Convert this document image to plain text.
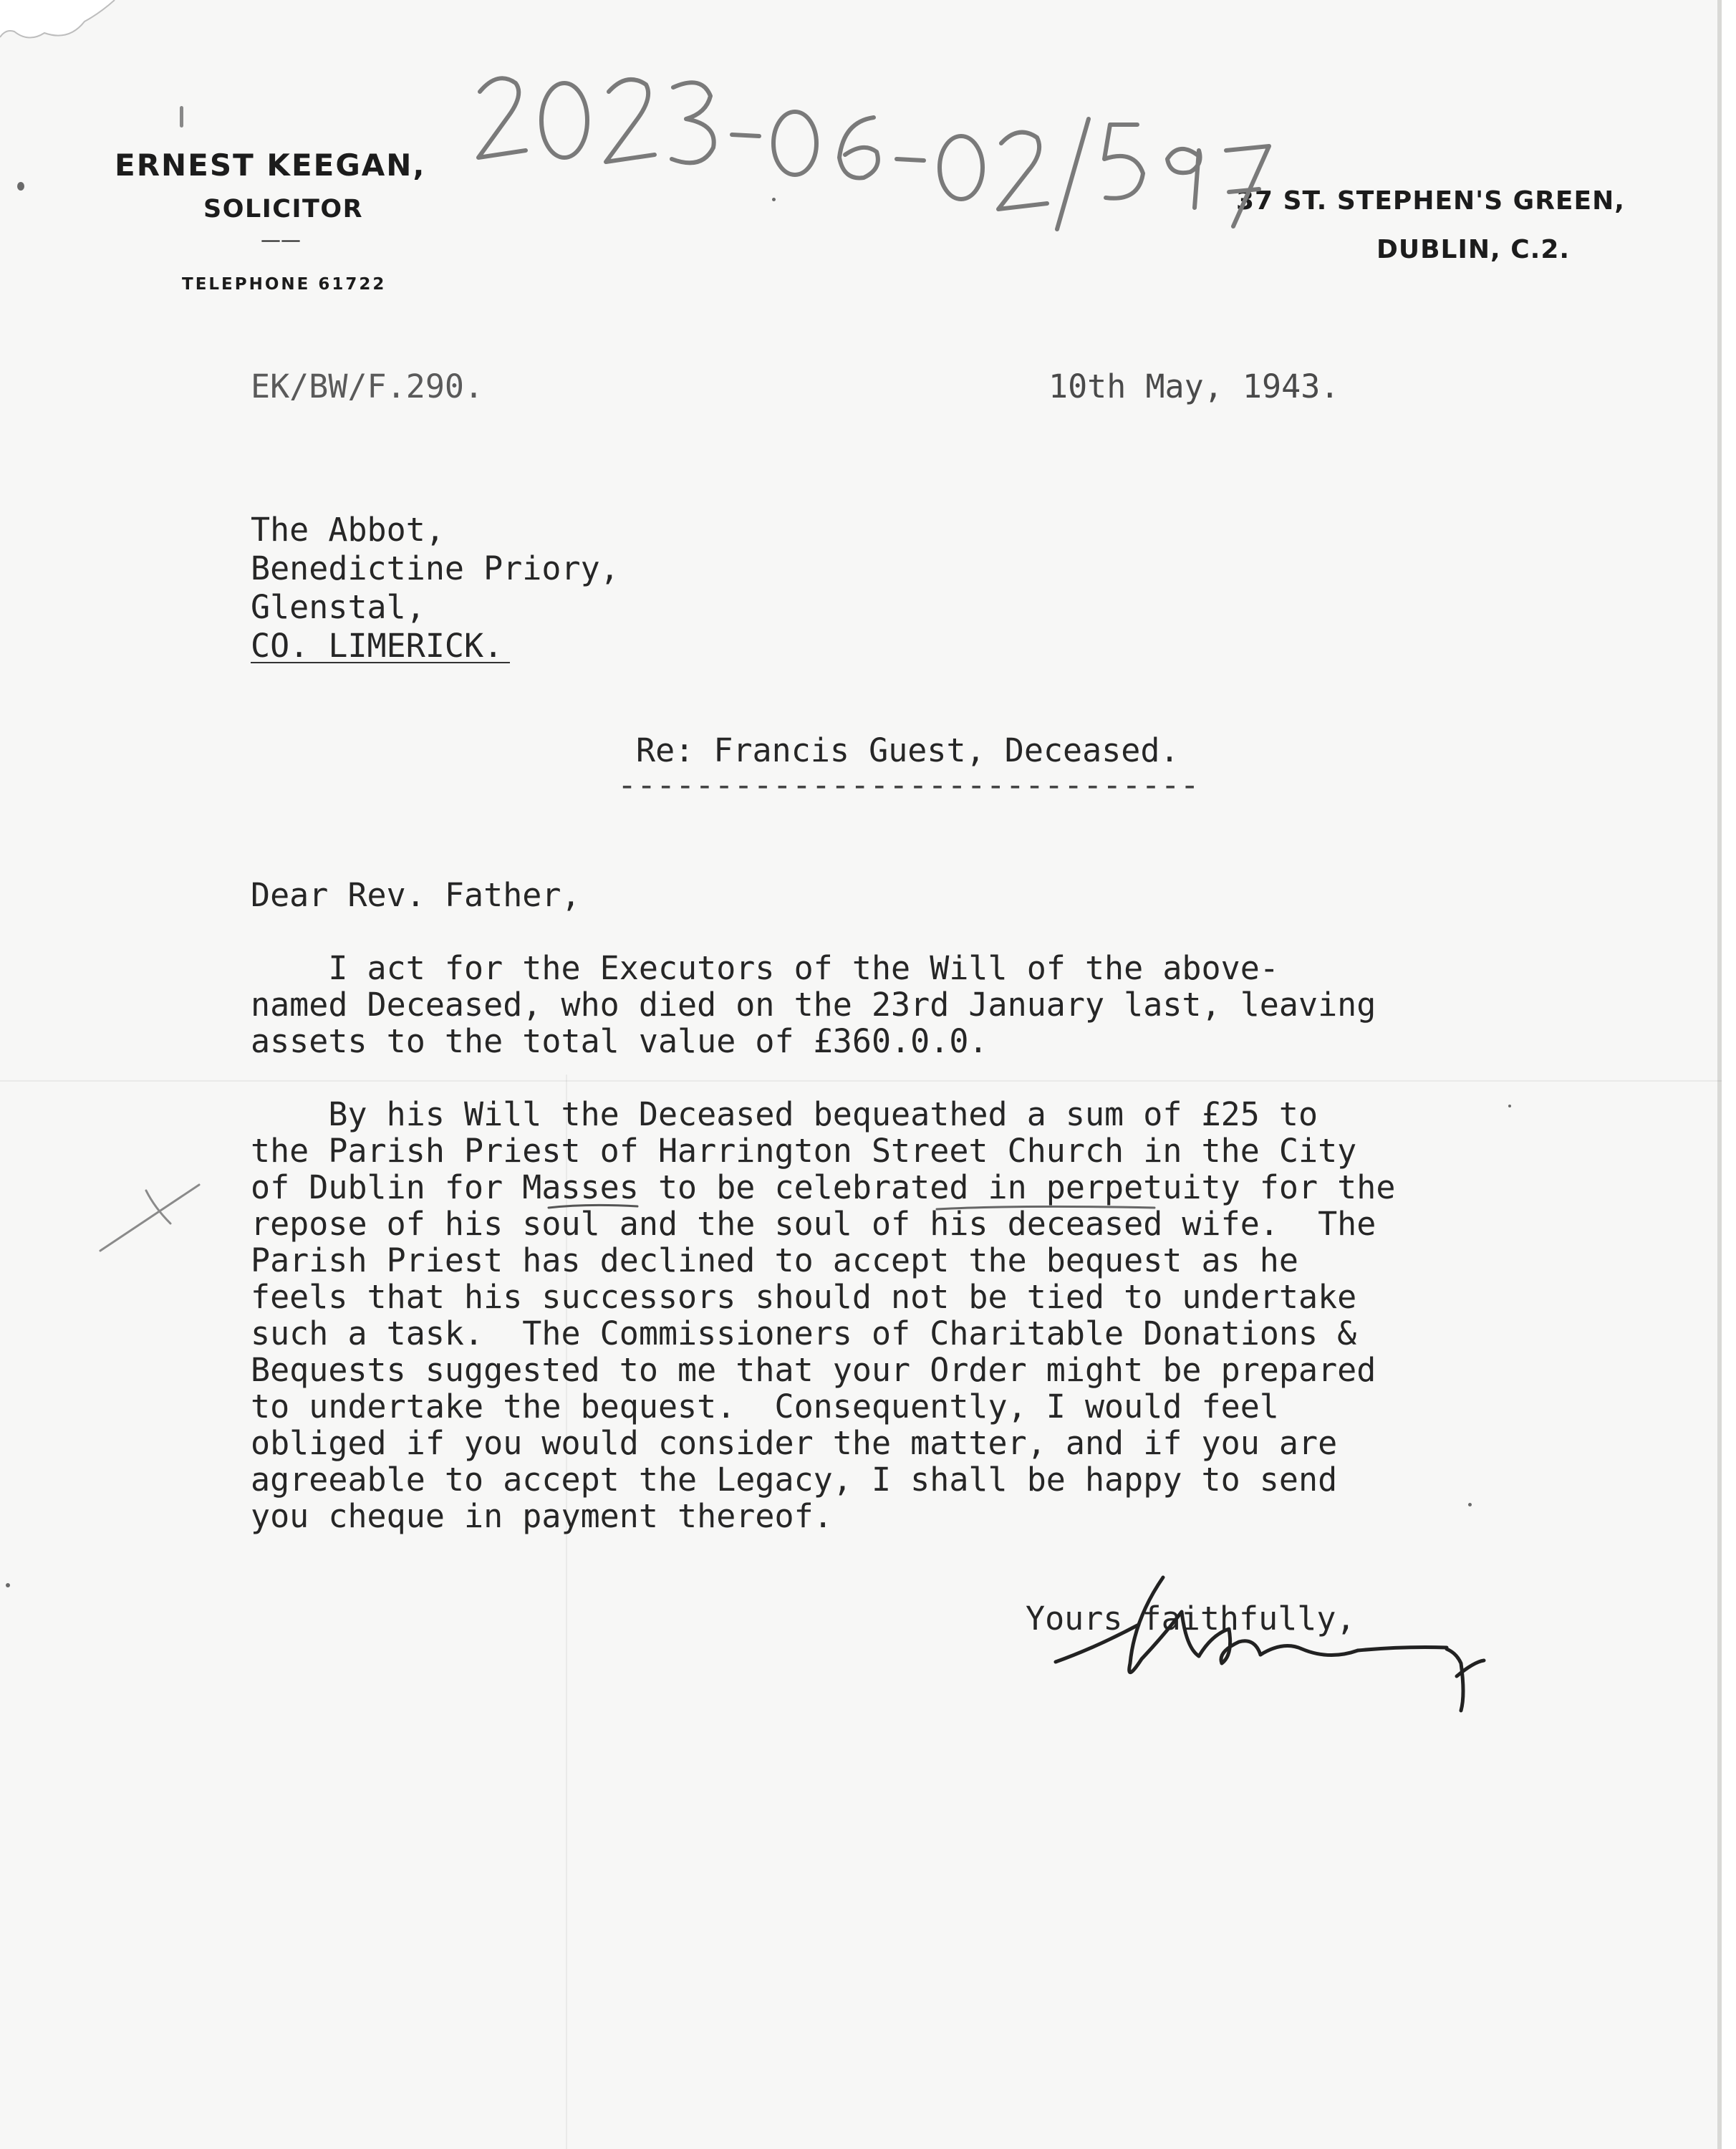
ERNEST KEEGAN,
SOLICITOR
——
TELEPHONE 61722
37 ST. STEPHEN'S GREEN,
DUBLIN, C.2.
EK/BW/F.290.	10th May, 1943.
The Abbot,
Benedictine Priory,
Glenstal,
CO. LIMERICK.
Re: Francis Guest, Deceased.
------------------------------
Dear Rev. Father,
I act for the Executors of the Will of the above-
named Deceased, who died on the 23rd January last, leaving
assets to the total value of £360.0.0.
By his Will the Deceased bequeathed a sum of £25 to
the Parish Priest of Harrington Street Church in the City
of Dublin for Masses to be celebrated in perpetuity for the
repose of his soul and the soul of his deceased wife.  The
Parish Priest has declined to accept the bequest as he
feels that his successors should not be tied to undertake
such a task.  The Commissioners of Charitable Donations &
Bequests suggested to me that your Order might be prepared
to undertake the bequest.  Consequently, I would feel
obliged if you would consider the matter, and if you are
agreeable to accept the Legacy, I shall be happy to send
you cheque in payment thereof.
Yours faithfully,
